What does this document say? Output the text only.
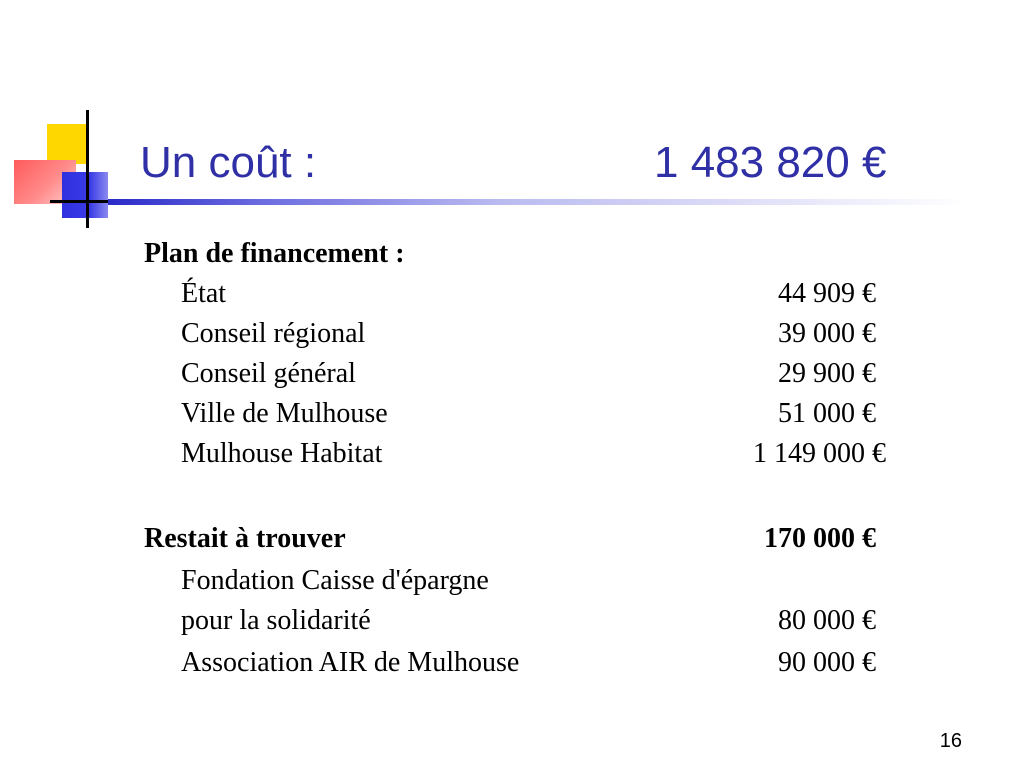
Un coût :	1 483 820 €
Plan de financement :
État	44 909 €
Conseil régional	39 000 €
Conseil général	29 900 €
Ville de Mulhouse	51 000 €
Mulhouse Habitat	1 149 000 €
Restait à trouver	170 000 €
Fondation Caisse d'épargne
pour la solidarité	80 000 €
Association AIR de Mulhouse	90 000 €
16
